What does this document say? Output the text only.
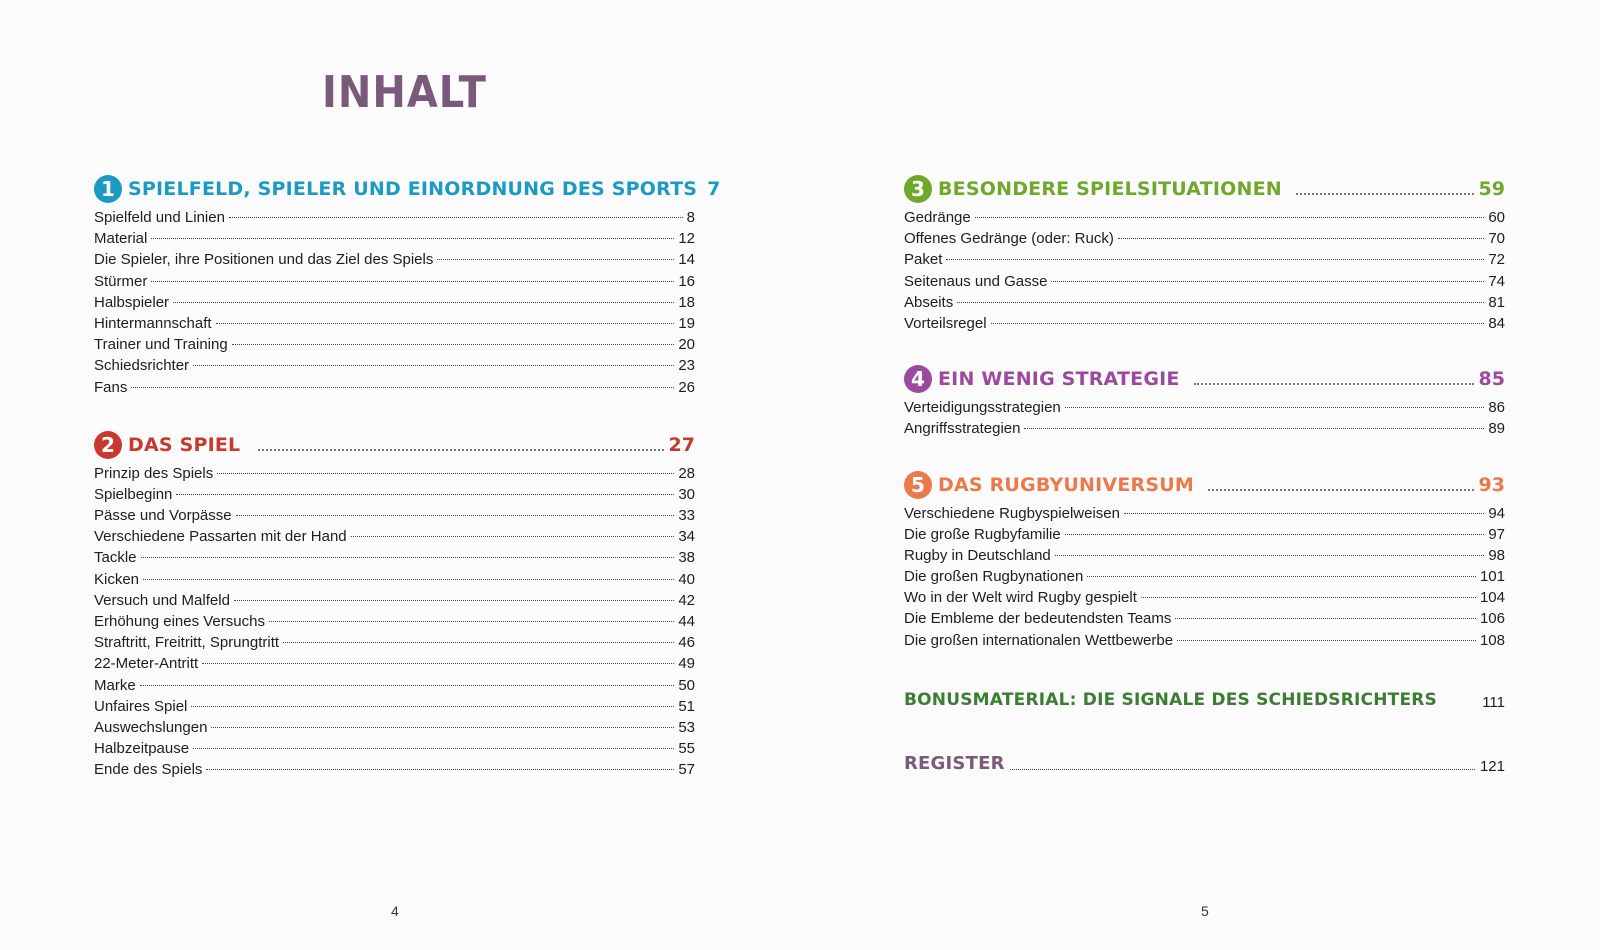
INHALT
1 SPIELFELD, SPIELER UND EINORDNUNG DES SPORTS 7
Spielfeld und Linien	8
Material	12
Die Spieler, ihre Positionen und das Ziel des Spiels	14
Stürmer	16
Halbspieler	18
Hintermannschaft	19
Trainer und Training	20
Schiedsrichter	23
Fans	26
2 DAS SPIEL	27
Prinzip des Spiels	28
Spielbeginn	30
Pässe und Vorpässe	33
Verschiedene Passarten mit der Hand	34
Tackle	38
Kicken	40
Versuch und Malfeld	42
Erhöhung eines Versuchs	44
Straftritt, Freitritt, Sprungtritt	46
22-Meter-Antritt	49
Marke	50
Unfaires Spiel	51
Auswechslungen	53
Halbzeitpause	55
Ende des Spiels	57
3 BESONDERE SPIELSITUATIONEN	59
Gedränge	60
Offenes Gedränge (oder: Ruck)	70
Paket	72
Seitenaus und Gasse	74
Abseits	81
Vorteilsregel	84
4 EIN WENIG STRATEGIE	85
Verteidigungsstrategien	86
Angriffsstrategien	89
5 DAS RUGBYUNIVERSUM	93
Verschiedene Rugbyspielweisen	94
Die große Rugbyfamilie	97
Rugby in Deutschland	98
Die großen Rugbynationen	101
Wo in der Welt wird Rugby gespielt	104
Die Embleme der bedeutendsten Teams	106
Die großen internationalen Wettbewerbe	108
BONUSMATERIAL: DIE SIGNALE DES SCHIEDSRICHTERS	111
REGISTER	121
4	5
